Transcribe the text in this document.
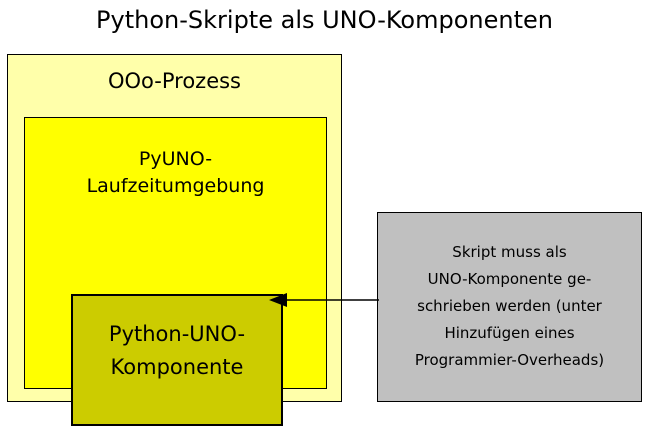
Python-Skripte als UNO-Komponenten
OOo-Prozess
PyUNO-
Laufzeitumgebung
Python-UNO-
Komponente
Skript muss als
UNO-Komponente ge-
schrieben werden (unter
Hinzufügen eines
Programmier-Overheads)
